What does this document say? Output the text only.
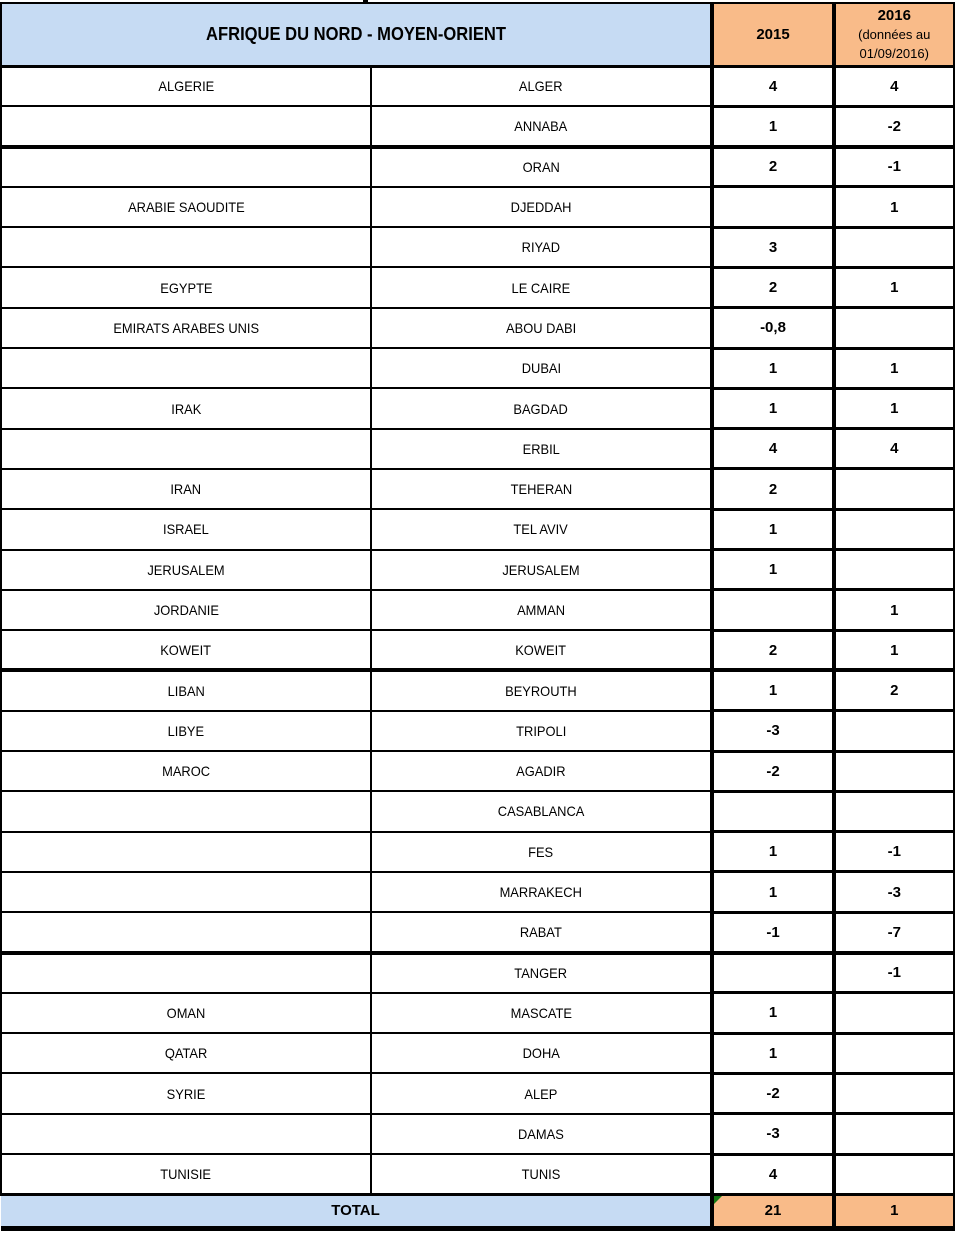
AFRIQUE DU NORD - MOYEN-ORIENT		2015	2016
(données au
01/09/2016)

ALGERIE	ALGER	4	4
	ANNABA	1	-2
	ORAN	2	-1
ARABIE SAOUDITE	DJEDDAH		1
	RIYAD	3	
EGYPTE	LE CAIRE	2	1
EMIRATS ARABES UNIS	ABOU DABI	-0,8	
	DUBAI	1	1
IRAK	BAGDAD	1	1
	ERBIL	4	4
IRAN	TEHERAN	2	
ISRAEL	TEL AVIV	1	
JERUSALEM	JERUSALEM	1	
JORDANIE	AMMAN		1
KOWEIT	KOWEIT	2	1
LIBAN	BEYROUTH	1	2
LIBYE	TRIPOLI	-3	
MAROC	AGADIR	-2	
	CASABLANCA		
	FES	1	-1
	MARRAKECH	1	-3
	RABAT	-1	-7
	TANGER		-1
OMAN	MASCATE	1	
QATAR	DOHA	1	
SYRIE	ALEP	-2	
	DAMAS	-3	
TUNISIE	TUNIS	4	
TOTAL		21	1
